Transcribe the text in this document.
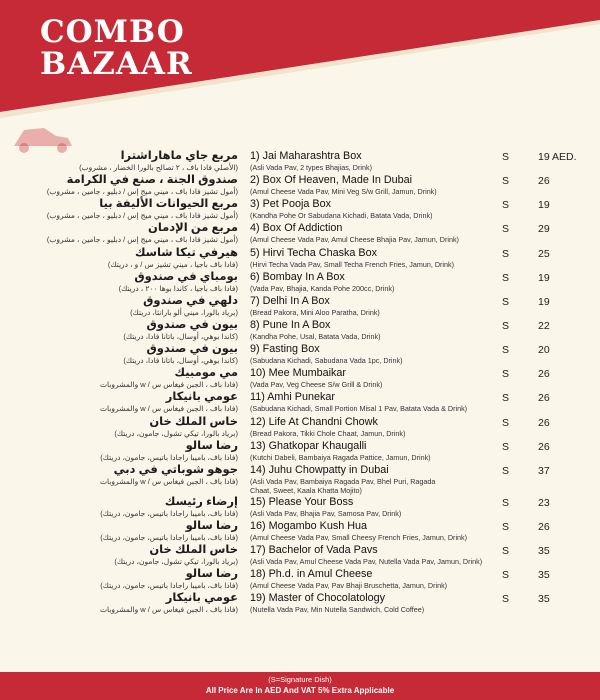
COMBO
BAZAAR
مربع جاي ماهاراشترا
(الأصلي فادا باف ، ٢ تصالح بالورا الخضار ، مشروب)
1) Jai Maharashtra Box
(Asli Vada Pav, 2 types Bhajias, Drink)
S	19 AED.
صندوق الجنة ، صنع في الكرامة
(أمول تشيز فادا باف ، ميني ميج إس / دبليو ، جامين ، مشروب)
2) Box Of Heaven, Made In Dubai
(Amul Cheese Vada Pav, Mini Veg S/w Grill, Jamun, Drink)
S	26
مربع الحيوانات الأليفة بيا
(أمول تشيز فادا باف ، ميني ميج إس / دبليو ، جامين ، مشروب)
3) Pet Pooja Box
(Kandha Pohe Or Sabudana Kichadi, Batata Vada, Drink)
S	19
مربع من الإدمان
(أمول تشيز فادا باف ، ميني ميج إس / دبليو ، جامين ، مشروب)
4) Box Of Addiction
(Amul Cheese Vada Pav, Amul Cheese Bhajia Pav, Jamun, Drink)
S	29
هيرفي تيكا شاسك
(فادا باف باجيا ، ميني تشيز س / و ، دريتك)
5) Hirvi Techa Chaska Box
(Hirvi Techa Vada Pav, Small Techa French Fries, Jamun, Drink)
S	25
بومباي في صندوق
(فادا باف باجيا ، كاندا بوها ٢٠٠ ، دريتك)
6) Bombay In A Box
(Vada Pav, Bhajia, Kanda Pohe 200cc, Drink)
S	19
دلهي في صندوق
(برياد بالورا، ميني ألو بارانثا، دريتك)
7) Delhi In A Box
(Bread Pakora, Mini Aloo Paratha, Drink)
S	19
بيون في صندوق
(كاندا بوهي، أوسال، باتانا فادا، دريتك)
8) Pune In A Box
(Kandha Pohe, Usal, Batata Vada, Drink)
S	22
بيون في صندوق
(كاندا بوهي، أوسال، باتانا فادا، دريتك)
9) Fasting Box
(Sabudana Kichadi, Sabudana Vada 1pc, Drink)
S	20
مي مومبيك
(فادا باف ، الجبن فيغاس س / w والمشروبات
10) Mee Mumbaikar
(Vada Pav, Veg Cheese S/w Grill & Drink)
S	26
عومي بانيكار
(فادا باف ، الجبن فيغاس س / w والمشروبات
11) Amhi Punekar
(Sabudana Kichadi, Small Portion Misal 1 Pav, Batata Vada & Drink)
S	26
خاس الملك خان
(برياد بالورا، تيكي تشول، جامون، دريتك)
12) Life At Chandni Chowk
(Bread Pakora, Tikki Chole Chaat, Jamun, Drink)
S	26
رضا سالو
(فادا باف، باميبا راجادا باتيس، جامون، دريتك)
13) Ghatkopar Khaugalli
(Kutchi Dabeli, Bambaiya Ragada Pattice, Jamun, Drink)
S	26
جوهو شوباتي في دبي
(فادا باف ، الجبن فيغاس س / w والمشروبات
14) Juhu Chowpatty in Dubai
(Asli Vada Pav, Bambaiya Ragada Pav, Bhel Puri, Ragada
Chaat, Sweet, Kaala Khatta Mojito)
S	37
إرضاء رئيسك
(فادا باف، باميبا راجادا باتيس، جامون، دريتك)
15) Please Your Boss
(Asli Vada Pav, Bhajia Pav, Samosa Pav, Drink)
S	23
رضا سالو
(فادا باف، باميبا راجادا باتيس، جامون، دريتك)
16) Mogambo Kush Hua
(Amul Cheese Vada Pav, Small Cheesy French Fries, Jamun, Drink)
S	26
خاس الملك خان
(برياد بالورا، تيكي تشول، جامون، دريتك)
17) Bachelor of Vada Pavs
(Asli Vada Pav, Amul Cheese Vada Pav, Nutella Vada Pav, Jamun, Drink)
S	35
رضا سالو
(فادا باف، باميبا راجادا باتيس، جامون، دريتك)
18) Ph.d. in Amul Cheese
(Amul Cheese Vada Pav, Pav Bhaji Bruschetta, Jamun, Drink)
S	35
عومي بانيكار
(فادا باف ، الجبن فيغاس س / w والمشروبات
19) Master of Chocolatology
(Nutella Vada Pav, Min Nutella Sandwich, Cold Coffee)
S	35
(S=Signature Dish)
All Price Are In AED And VAT 5% Extra Applicable
